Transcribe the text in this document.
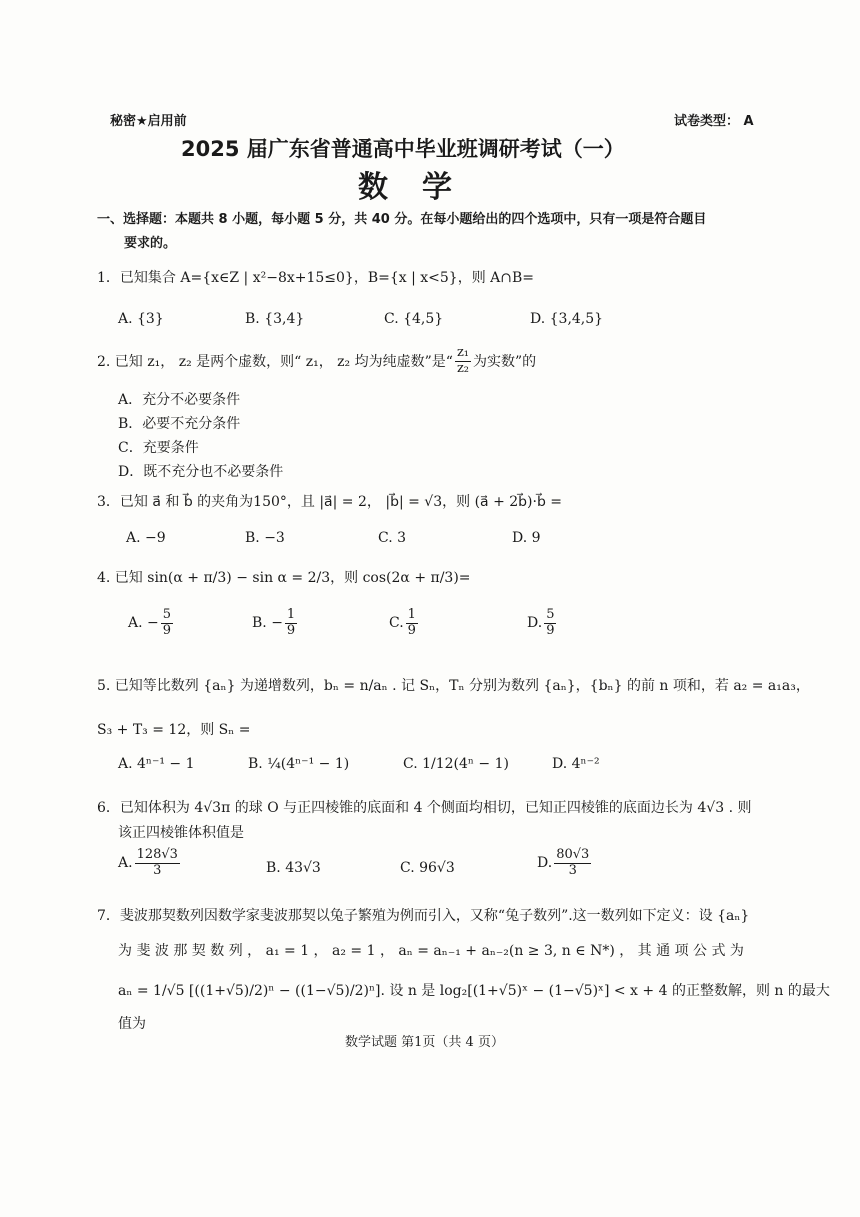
秘密★启用前	试卷类型： A
2025 届广东省普通高中毕业班调研考试（一）
数　学
一、选择题：本题共 8 小题，每小题 5 分，共 40 分。在每小题给出的四个选项中，只有一项是符合题目
要求的。
1．已知集合 A={x∈Z | x²−8x+15≤0}，B={x | x<5}，则 A∩B=
A. {3}	B. {3,4}	C. {4,5}	D. {3,4,5}
2. 已知 z₁， z₂ 是两个虚数，则“ z₁， z₂ 均为纯虚数”是“ $\frac{\text{z₁}}{\text{z₂}}$ 为实数”的
A．充分不必要条件
B．必要不充分条件
C．充要条件
D．既不充分也不必要条件
3．已知 a⃗ 和 b⃗ 的夹角为150°，且 |a⃗| = 2， |b⃗| = √3，则 (a⃗ + 2b⃗)·b⃗ =
A. −9	B. −3	C. 3	D. 9
4. 已知 sin(α + π/3) − sin α = 2/3，则 cos(2α + π/3)=
A. − $\frac{5}{9}$	B. − $\frac{1}{9}$	C. $\frac{1}{9}$	D. $\frac{5}{9}$
5. 已知等比数列 {aₙ} 为递增数列，bₙ = n/aₙ . 记 Sₙ，Tₙ 分别为数列 {aₙ}，{bₙ} 的前 n 项和，若 a₂ = a₁a₃，
S₃ + T₃ = 12，则 Sₙ =
A. 4ⁿ⁻¹ − 1	B. ¼(4ⁿ⁻¹ − 1)	C. 1/12(4ⁿ − 1)	D. 4ⁿ⁻²
6．已知体积为 4√3π 的球 O 与正四棱锥的底面和 4 个侧面均相切，已知正四棱锥的底面边长为 4√3 . 则
该正四棱锥体积值是
A. $\frac{128√3}{3}$	B. 43√3	C. 96√3	D. $\frac{80√3}{3}$
7．斐波那契数列因数学家斐波那契以兔子繁殖为例而引入，又称“兔子数列”.这一数列如下定义：设 {aₙ}
为 斐 波 那 契 数 列 ， a₁ = 1 ， a₂ = 1 ， aₙ = aₙ₋₁ + aₙ₋₂(n ≥ 3, n ∈ N*) ， 其 通 项 公 式 为
aₙ = 1/√5 [((1+√5)/2)ⁿ − ((1−√5)/2)ⁿ]. 设 n 是 log₂[(1+√5)ˣ − (1−√5)ˣ] < x + 4 的正整数解，则 n 的最大
值为
数学试题 第1页（共 4 页）
